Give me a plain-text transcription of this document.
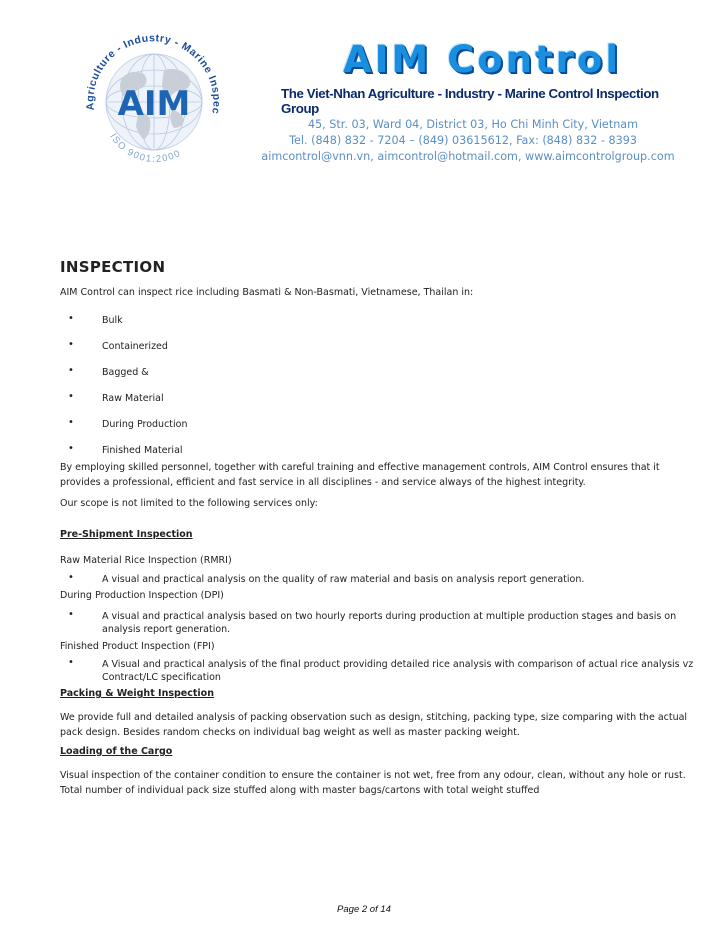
AIM
Agriculture - Industry - Marine Inspec
ISO 9001:2000
AIM Control
The Viet-Nhan Agriculture - Industry - Marine Control Inspection Group
45, Str. 03, Ward 04, District 03, Ho Chi Minh City, Vietnam
Tel. (848) 832 - 7204 – (849) 03615612, Fax: (848) 832 - 8393
aimcontrol@vnn.vn, aimcontrol@hotmail.com, www.aimcontrolgroup.com
INSPECTION
AIM Control can inspect rice including Basmati & Non-Basmati, Vietnamese, Thailan in:
•	Bulk
•	Containerized
•	Bagged &
•	Raw Material
•	During Production
•	Finished Material
By employing skilled personnel, together with careful training and effective management controls, AIM Control ensures that it provides a professional, efficient and fast service in all disciplines - and service always of the highest integrity.
Our scope is not limited to the following services only:
Pre-Shipment Inspection
Raw Material Rice Inspection (RMRI)
•	A visual and practical analysis on the quality of raw material and basis on analysis report generation.
During Production Inspection (DPI)
•	A visual and practical analysis based on two hourly reports during production at multiple production stages and basis on analysis report generation.
Finished Product Inspection (FPI)
•	A Visual and practical analysis of the final product providing detailed rice analysis with comparison of actual rice analysis vz Contract/LC specification
Packing & Weight Inspection
We provide full and detailed analysis of packing observation such as design, stitching, packing type, size comparing with the actual pack design. Besides random checks on individual bag weight as well as master packing weight.
Loading of the Cargo
Visual inspection of the container condition to ensure the container is not wet, free from any odour, clean, without any hole or rust. Total number of individual pack size stuffed along with master bags/cartons with total weight stuffed
Page 2 of 14
